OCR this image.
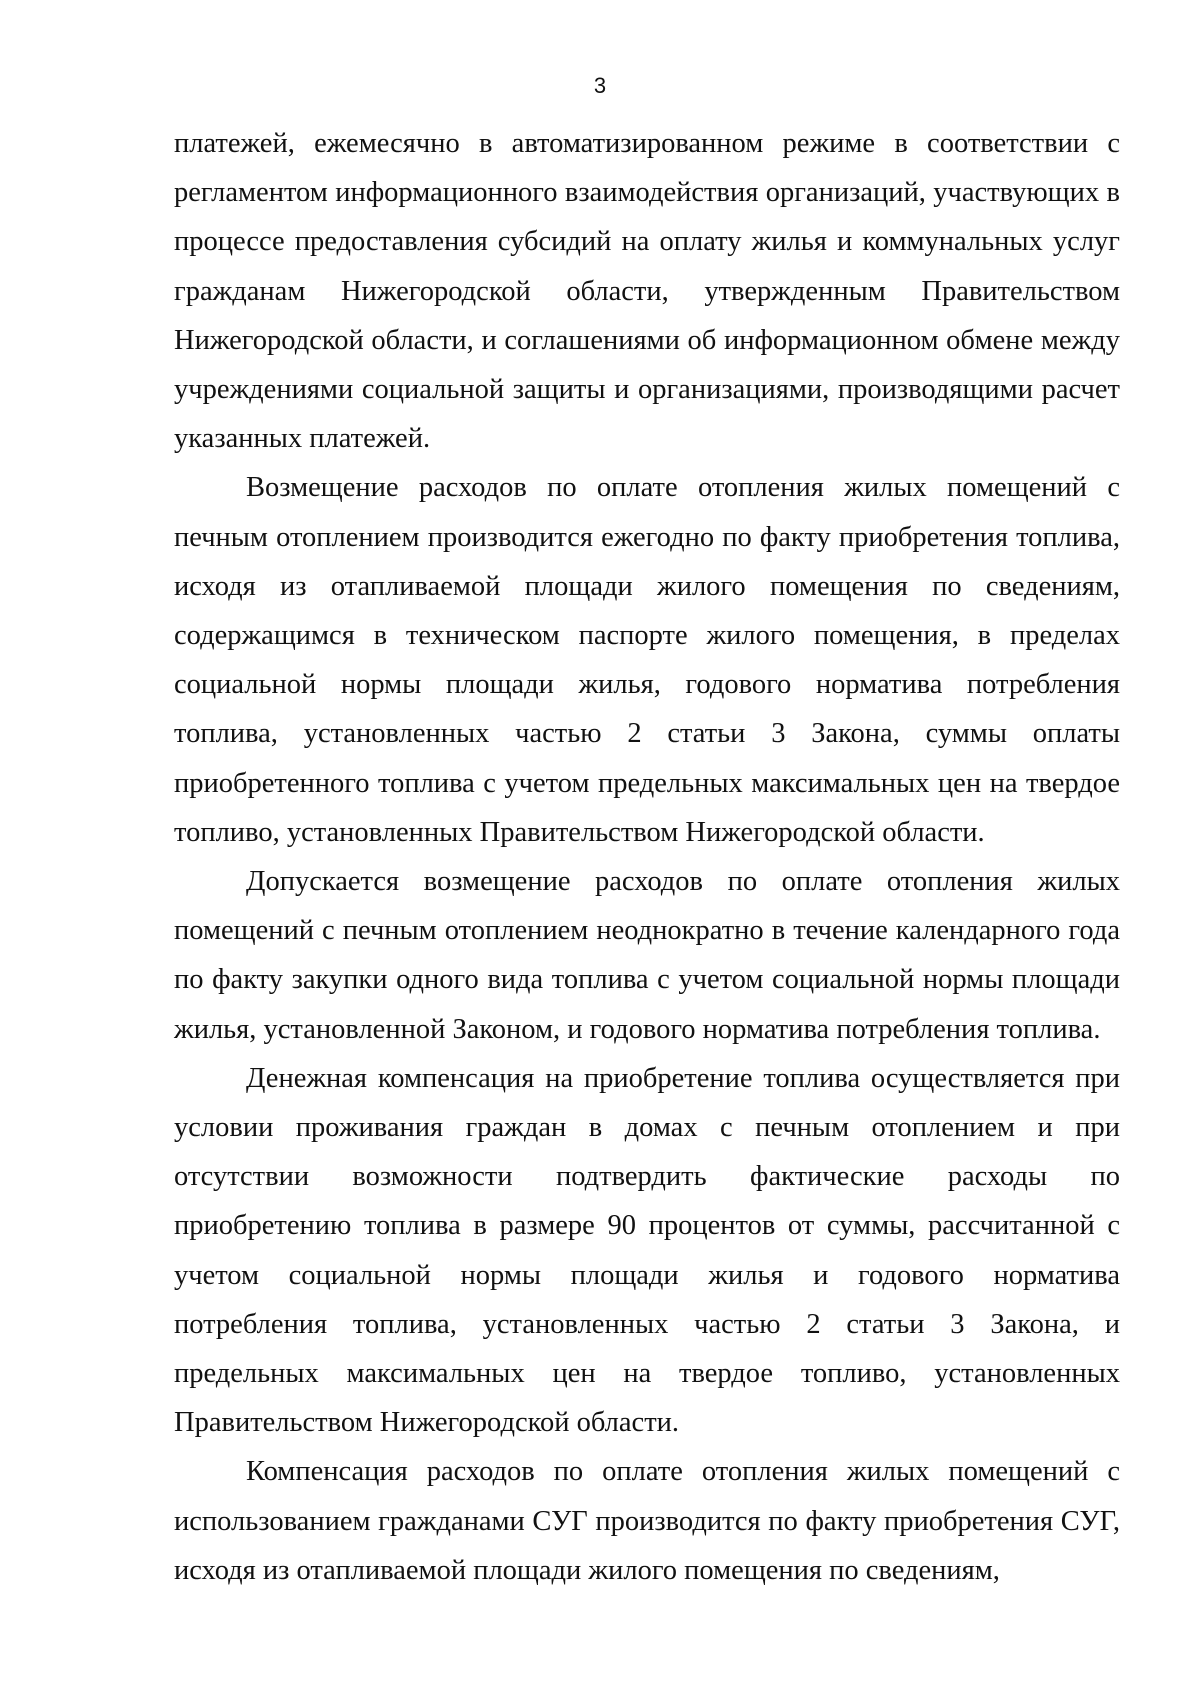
3

платежей, ежемесячно в автоматизированном режиме в соответствии с регламентом информационного взаимодействия организаций, участвующих в процессе предоставления субсидий на оплату жилья и коммунальных услуг гражданам Нижегородской области, утвержденным Правительством Нижегородской области, и соглашениями об информационном обмене между учреждениями социальной защиты и организациями, производящими расчет указанных платежей.

Возмещение расходов по оплате отопления жилых помещений с печным отоплением производится ежегодно по факту приобретения топлива, исходя из отапливаемой площади жилого помещения по сведениям, содержащимся в техническом паспорте жилого помещения, в пределах социальной нормы площади жилья, годового норматива потребления топлива, установленных частью 2 статьи 3 Закона, суммы оплаты приобретенного топлива с учетом предельных максимальных цен на твердое топливо, установленных Правительством Нижегородской области.

Допускается возмещение расходов по оплате отопления жилых помещений с печным отоплением неоднократно в течение календарного года по факту закупки одного вида топлива с учетом социальной нормы площади жилья, установленной Законом, и годового норматива потребления топлива.

Денежная компенсация на приобретение топлива осуществляется при условии проживания граждан в домах с печным отоплением и при отсутствии возможности подтвердить фактические расходы по приобретению топлива в размере 90 процентов от суммы, рассчитанной с учетом социальной нормы площади жилья и годового норматива потребления топлива, установленных частью 2 статьи 3 Закона, и предельных максимальных цен на твердое топливо, установленных Правительством Нижегородской области.

Компенсация расходов по оплате отопления жилых помещений с использованием гражданами СУГ производится по факту приобретения СУГ, исходя из отапливаемой площади жилого помещения по сведениям,
